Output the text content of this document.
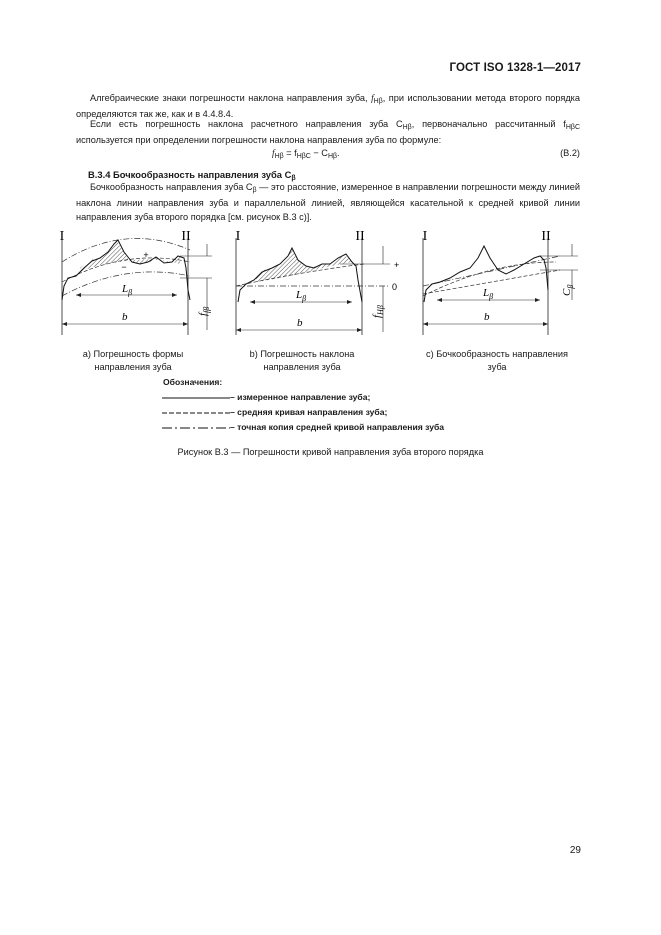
ГОСТ ISO 1328-1—2017
Алгебраические знаки погрешности наклона направления зуба, $f_{H\beta}$, при использовании метода второго порядка определяются так же, как и в 4.4.8.4.
Если есть погрешность наклона расчетного направления зуба $C_{H\beta}$, первоначально рассчитанный $f_{H\beta C}$ используется при определении погрешности наклона направления зуба по формуле:
$f_{H\beta} = f_{H\beta C} - C_{H\beta}$.	(В.2)
В.3.4 Бочкообразность направления зуба $C_\beta$
Бочкообразность направления зуба $C_\beta$ — это расстояние, измеренное в направлении погрешности между линией наклона линии направления зуба и параллельной линией, являющейся касательной к средней кривой линии направления зуба второго порядка [см. рисунок В.3 с)].
I	II
+
−
$L_\beta$
b	$f_{f\beta}$
I	II
+
0
$L_\beta$
b
$f_{H\beta}$
I	II
$L_\beta$
b
$C_\beta$
а) Погрешность формы направления зуба
b) Погрешность наклона направления зуба
с) Бочкообразность направления зуба
Обозначения:
– измеренное направление зуба;
– средняя кривая направления зуба;
– точная копия средней кривой направления зуба
Рисунок В.3 — Погрешности кривой направления зуба второго порядка
29
